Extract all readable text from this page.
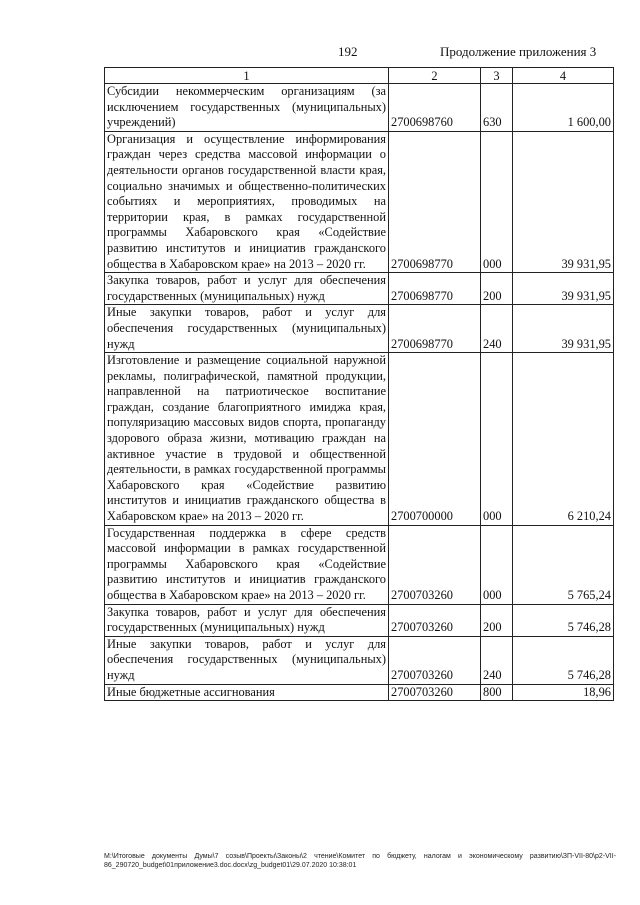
192	Продолжение приложения 3
1	2	3	4
Субсидии некоммерческим организациям (за исключением государственных (муниципальных) учреждений)	2700698760	630	1 600,00
Организация и осуществление информирования граждан через средства массовой информации о деятельности органов государственной власти края, социально значимых и общественно-политических событиях и мероприятиях, проводимых на территории края, в рамках государственной программы Хабаровского края «Содействие развитию институтов и инициатив гражданского общества в Хабаровском крае» на 2013 – 2020 гг.	2700698770	000	39 931,95
Закупка товаров, работ и услуг для обеспечения государственных (муниципальных) нужд	2700698770	200	39 931,95
Иные закупки товаров, работ и услуг для обеспечения государственных (муниципальных) нужд	2700698770	240	39 931,95
Изготовление и размещение социальной наружной рекламы, полиграфической, памятной продукции, направленной на патриотическое воспитание граждан, создание благоприятного имиджа края, популяризацию массовых видов спорта, пропаганду здорового образа жизни, мотивацию граждан на активное участие в трудовой и общественной деятельности, в рамках государственной программы Хабаровского края «Содействие развитию институтов и инициатив гражданского общества в Хабаровском крае» на 2013 – 2020 гг.	2700700000	000	6 210,24
Государственная поддержка в сфере средств массовой информации в рамках государственной программы Хабаровского края «Содействие развитию институтов и инициатив гражданского общества в Хабаровском крае» на 2013 – 2020 гг.	2700703260	000	5 765,24
Закупка товаров, работ и услуг для обеспечения государственных (муниципальных) нужд	2700703260	200	5 746,28
Иные закупки товаров, работ и услуг для обеспечения государственных (муниципальных) нужд	2700703260	240	5 746,28
Иные бюджетные ассигнования	2700703260	800	18,96
М:\Итоговые документы Думы\7 созыв\Проекты\Законы\2 чтение\Комитет по бюджету, налогам и экономическому развитию\ЗП-VII-80\p2-VII-86_290720_budget\01приложение3.doc.docx\zg_budget01\29.07.2020 10:38:01
